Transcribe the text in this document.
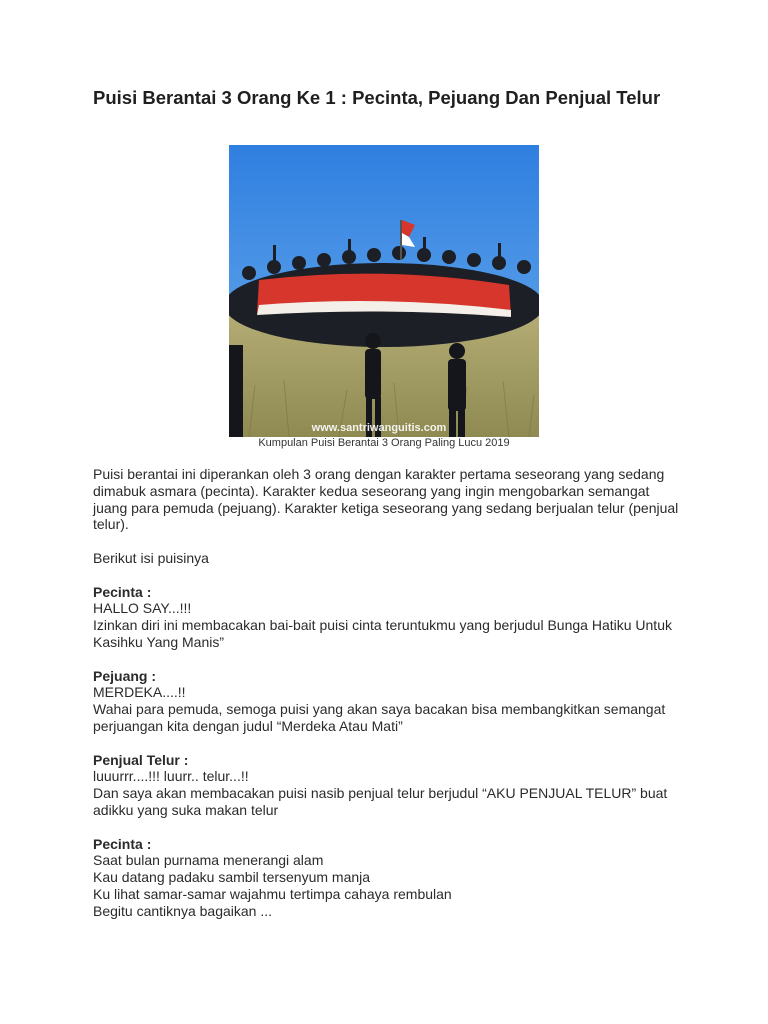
Puisi Berantai 3 Orang Ke 1 : Pecinta, Pejuang Dan Penjual Telur
www.santriwanguitis.com

Kumpulan Puisi Berantai 3 Orang Paling Lucu 2019

Puisi berantai ini diperankan oleh 3 orang dengan karakter pertama seseorang yang sedang dimabuk asmara (pecinta). Karakter kedua seseorang yang ingin mengobarkan semangat juang para pemuda (pejuang). Karakter ketiga seseorang yang sedang berjualan telur (penjual telur).

Berikut isi puisinya

Pecinta :
HALLO SAY...!!!
Izinkan diri ini membacakan bai-bait puisi cinta teruntukmu yang berjudul Bunga Hatiku Untuk Kasihku Yang Manis”
Pejuang :
MERDEKA....!!
Wahai para pemuda, semoga puisi yang akan saya bacakan bisa membangkitkan semangat perjuangan kita dengan judul “Merdeka Atau Mati”
Penjual Telur :
luuurrr....!!! luurr.. telur...!!
Dan saya akan membacakan puisi nasib penjual telur berjudul “AKU PENJUAL TELUR” buat adikku yang suka makan telur
Pecinta :
Saat bulan purnama menerangi alam
Kau datang padaku sambil tersenyum manja
Ku lihat samar-samar wajahmu tertimpa cahaya rembulan
Begitu cantiknya bagaikan ...
